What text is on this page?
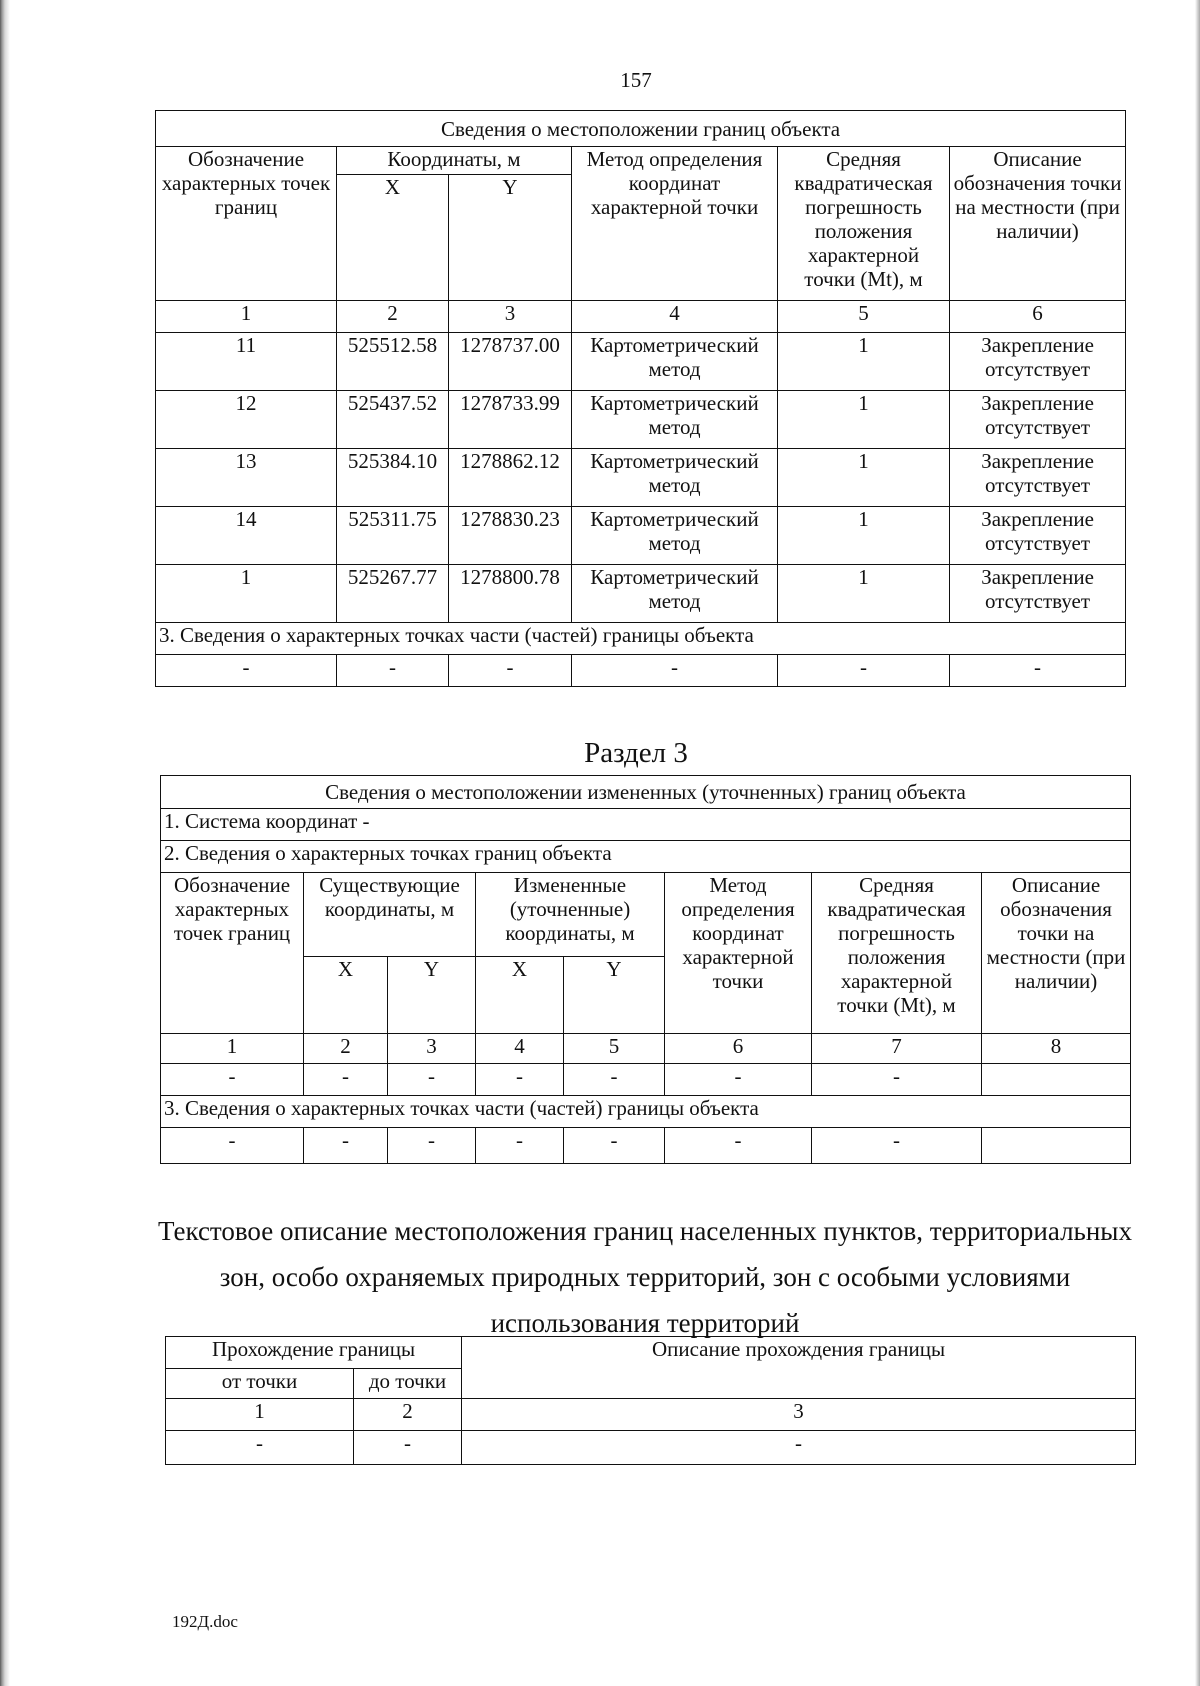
157
Сведения о местоположении границ объекта					
Обозначение характерных точек границ	Координаты, м		Метод определения координат характерной точки	Средняя квадратическая погрешность положения характерной точки (Mt), м	Описание обозначения точки на местности (при наличии)
	X	Y			
1	2	3	4	5	6
11	525512.58	1278737.00	Картометрический метод	1	Закрепление отсутствует
12	525437.52	1278733.99	Картометрический метод	1	Закрепление отсутствует
13	525384.10	1278862.12	Картометрический метод	1	Закрепление отсутствует
14	525311.75	1278830.23	Картометрический метод	1	Закрепление отсутствует
1	525267.77	1278800.78	Картометрический метод	1	Закрепление отсутствует
3. Сведения о характерных точках части (частей) границы объекта					
-	-	-	-	-	-
Раздел 3
Сведения о местоположении измененных (уточненных) границ объекта							
1. Система координат -							
2. Сведения о характерных точках границ объекта							
Обозначение характерных точек границ	Существующие координаты, м		Измененные (уточненные) координаты, м		Метод определения координат характерной точки	Средняя квадратическая погрешность положения характерной точки (Mt), м	Описание обозначения точки на местности (при наличии)
	X	Y	X	Y			
1	2	3	4	5	6	7	8
-	-	-	-	-	-	-	
3. Сведения о характерных точках части (частей) границы объекта							
-	-	-	-	-	-	-	
Текстовое описание местоположения границ населенных пунктов, территориальных зон, особо охраняемых природных территорий, зон с особыми условиями использования территорий
Прохождение границы		Описание прохождения границы
от точки	до точки	
1	2	3
-	-	-
192Д.doc
